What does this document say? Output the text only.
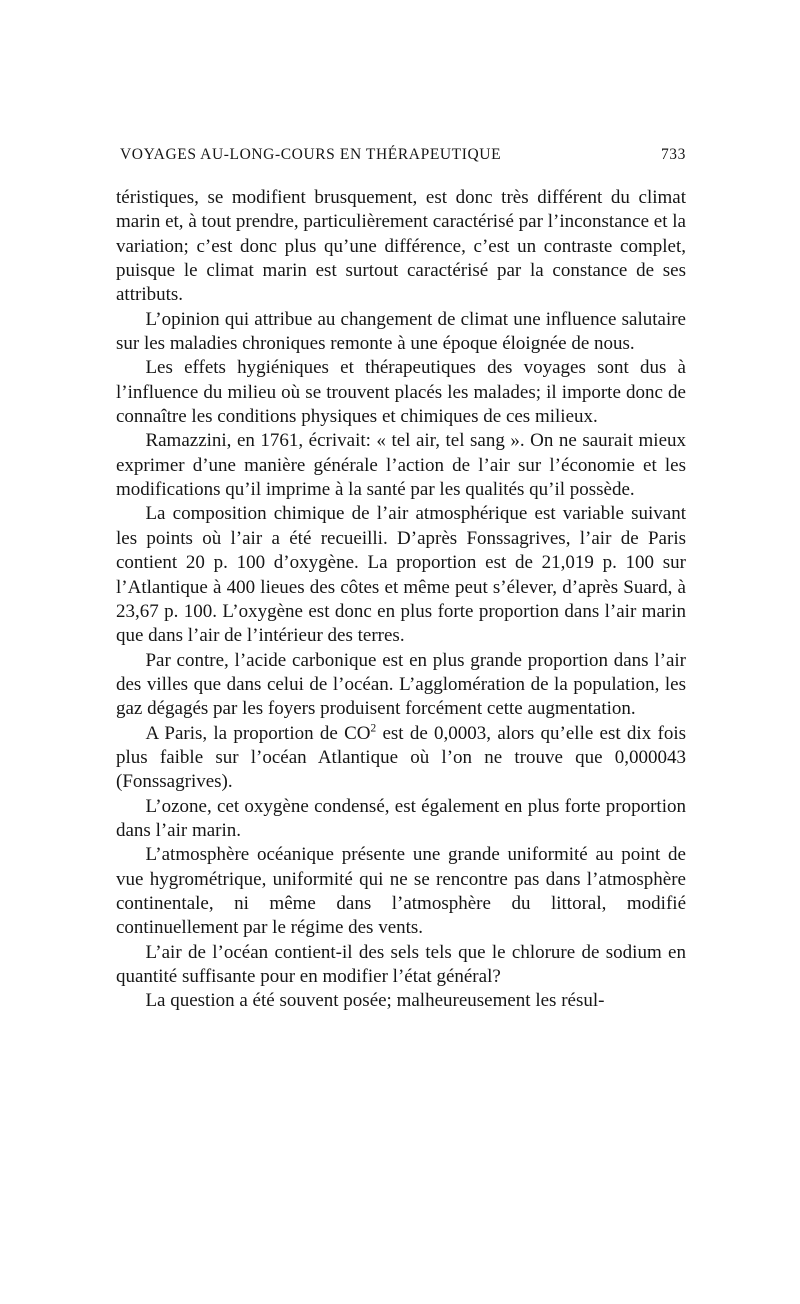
VOYAGES AU-LONG-COURS EN THÉRAPEUTIQUE	733

téristiques, se modifient brusquement, est donc très différent du climat marin et, à tout prendre, particulièrement caractérisé par l’inconstance et la variation; c’est donc plus qu’une différence, c’est un contraste complet, puisque le climat marin est surtout caractérisé par la constance de ses attributs.

L’opinion qui attribue au changement de climat une influence salutaire sur les maladies chroniques remonte à une époque éloignée de nous.

Les effets hygiéniques et thérapeutiques des voyages sont dus à l’influence du milieu où se trouvent placés les malades; il importe donc de connaître les conditions physiques et chimiques de ces milieux.

Ramazzini, en 1761, écrivait: « tel air, tel sang ». On ne saurait mieux exprimer d’une manière générale l’action de l’air sur l’économie et les modifications qu’il imprime à la santé par les qualités qu’il possède.

La composition chimique de l’air atmosphérique est variable suivant les points où l’air a été recueilli. D’après Fonssagrives, l’air de Paris contient 20 p. 100 d’oxygène. La proportion est de 21,019 p. 100 sur l’Atlantique à 400 lieues des côtes et même peut s’élever, d’après Suard, à 23,67 p. 100. L’oxygène est donc en plus forte proportion dans l’air marin que dans l’air de l’intérieur des terres.

Par contre, l’acide carbonique est en plus grande proportion dans l’air des villes que dans celui de l’océan. L’agglomération de la population, les gaz dégagés par les foyers produisent forcément cette augmentation.

A Paris, la proportion de $CO^2$ est de 0,0003, alors qu’elle est dix fois plus faible sur l’océan Atlantique où l’on ne trouve que 0,000043 (Fonssagrives).

L’ozone, cet oxygène condensé, est également en plus forte proportion dans l’air marin.

L’atmosphère océanique présente une grande uniformité au point de vue hygrométrique, uniformité qui ne se rencontre pas dans l’atmosphère continentale, ni même dans l’atmosphère du littoral, modifié continuellement par le régime des vents.

L’air de l’océan contient-il des sels tels que le chlorure de sodium en quantité suffisante pour en modifier l’état général?

La question a été souvent posée; malheureusement les résul-
